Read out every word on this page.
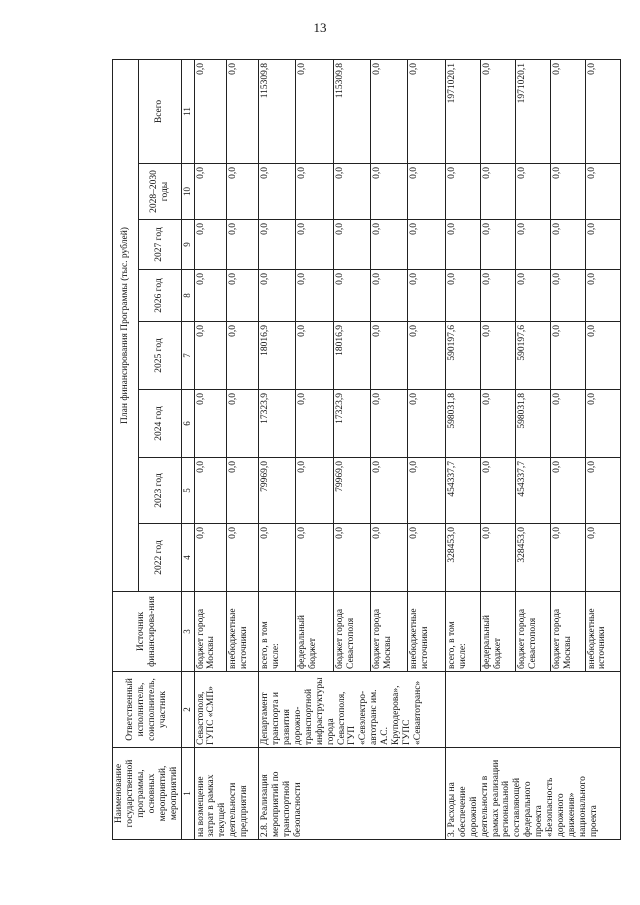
13
Наименование государственной программы, основных мероприятий, мероприятий	Ответственный исполнитель, соисполнитель, участник	Источник финансирова-ния	План финансирования Программы (тыс. рублей)							
			2022 год	2023 год	2024 год	2025 год	2026 год	2027 год	2028–2030 годы	Всего
1	2	3	4	5	6	7	8	9	10	11
на возмещение затрат в рамках текущей деятельности предприятия	Севастополя, ГУПС «СМП»	бюджет города Москвы	0,0	0,0	0,0	0,0	0,0	0,0	0,0	0,0
		внебюджетные источники	0,0	0,0	0,0	0,0	0,0	0,0	0,0	0,0
2.8. Реализация мероприятий по транспортной безопасности	Департамент транспорта и развития дорожно-транспортной инфраструктуры города Севастополя, ГУП «Севэлектро-автотранс им. А.С. Круподерова», ГУПС «Севавтотранс»	всего, в том числе:	0,0	79969,0	17323,9	18016,9	0,0	0,0	0,0	115309,8
		федеральный бюджет	0,0	0,0	0,0	0,0	0,0	0,0	0,0	0,0
		бюджет города Севастополя	0,0	79969,0	17323,9	18016,9	0,0	0,0	0,0	115309,8
		бюджет города Москвы	0,0	0,0	0,0	0,0	0,0	0,0	0,0	0,0
		внебюджетные источники	0,0	0,0	0,0	0,0	0,0	0,0	0,0	0,0
3. Расходы на обеспечение дорожной деятельности в рамках реализации региональной составляющей федерального проекта «Безопасность дорожного движения» национального проекта		всего, в том числе:	328453,0	454337,7	598031,8	590197,6	0,0	0,0	0,0	1971020,1
		федеральный бюджет	0,0	0,0	0,0	0,0	0,0	0,0	0,0	0,0
		бюджет города Севастополя	328453,0	454337,7	598031,8	590197,6	0,0	0,0	0,0	1971020,1
		бюджет города Москвы	0,0	0,0	0,0	0,0	0,0	0,0	0,0	0,0
		внебюджетные источники	0,0	0,0	0,0	0,0	0,0	0,0	0,0	0,0
